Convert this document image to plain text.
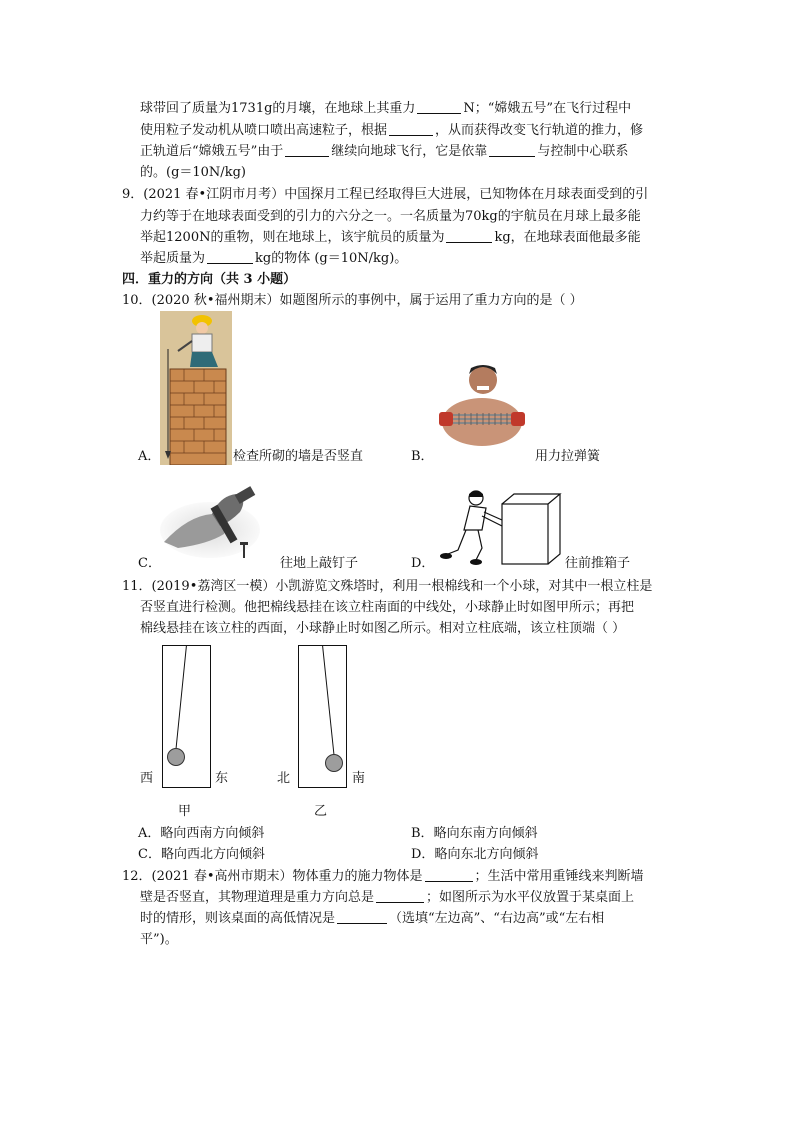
球带回了质量为1731g的月壤，在地球上其重力	N；“嫦娥五号”在飞行过程中
使用粒子发动机从喷口喷出高速粒子，根据	，从而获得改变飞行轨道的推力，修
正轨道后“嫦娥五号”由于	继续向地球飞行，它是依靠	与控制中心联系
的。(g＝10N/kg)
9．(2021 春•江阴市月考）中国探月工程已经取得巨大进展，已知物体在月球表面受到的引
力约等于在地球表面受到的引力的六分之一。一名质量为70kg的宇航员在月球上最多能
举起1200N的重物，则在地球上，该宇航员的质量为	kg，在地球表面他最多能
举起质量为	kg的物体 (g＝10N/kg)。
四．重力的方向（共 3 小题）
10．(2020 秋•福州期末）如题图所示的事例中，属于运用了重力方向的是（ ）
A．	检查所砌的墙是否竖直	B．	用力拉弹簧
C．	往地上敲钉子	D．	往前推箱子
11．(2019•荔湾区一模）小凯游览文殊塔时，利用一根棉线和一个小球，对其中一根立柱是
否竖直进行检测。他把棉线悬挂在该立柱南面的中线处，小球静止时如图甲所示；再把
棉线悬挂在该立柱的西面，小球静止时如图乙所示。相对立柱底端，该立柱顶端（ ）
西	东
甲
北	南
乙
A．略向西南方向倾斜	B．略向东南方向倾斜
C．略向西北方向倾斜	D．略向东北方向倾斜
12．(2021 春•高州市期末）物体重力的施力物体是	；生活中常用重锤线来判断墙
壁是否竖直，其物理道理是重力方向总是	；如图所示为水平仪放置于某桌面上
时的情形，则该桌面的高低情况是	（选填“左边高”、“右边高”或“左右相
平”)。
